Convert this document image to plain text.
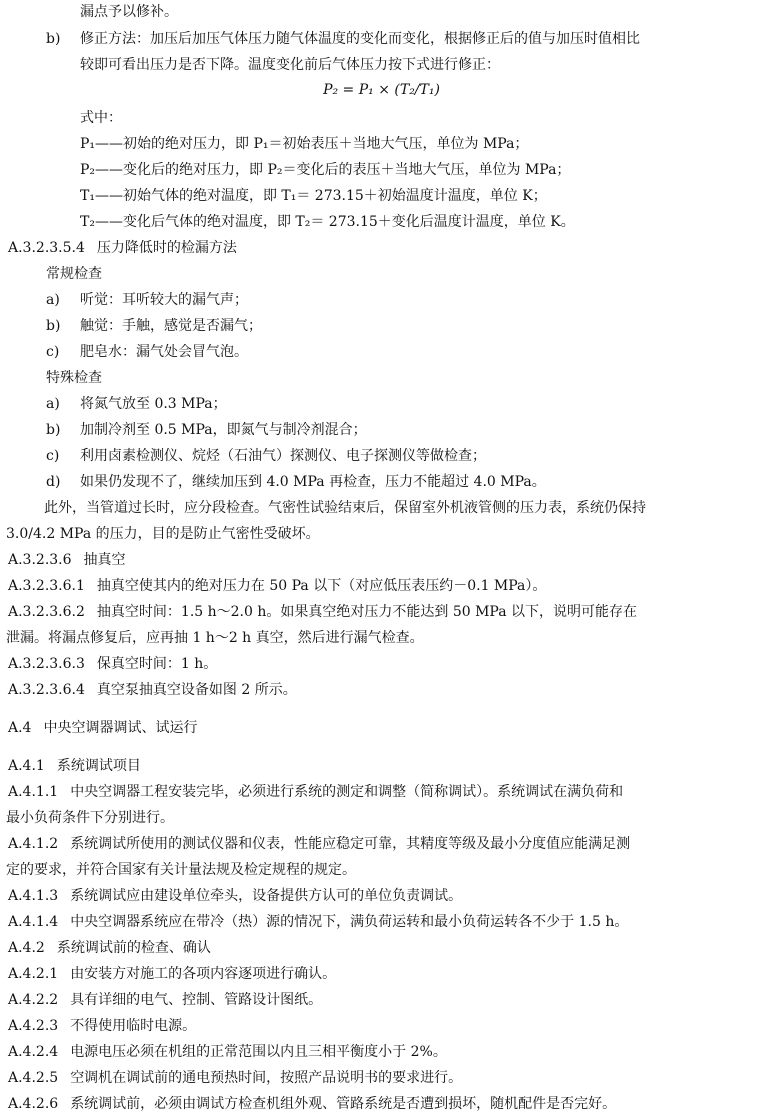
P₂ = P₁ × (T₂/T₁)
漏点予以修补。
b) 修正方法：加压后加压气体压力随气体温度的变化而变化，根据修正后的值与加压时值相比
较即可看出压力是否下降。温度变化前后气体压力按下式进行修正：
式中：
P₁——初始的绝对压力，即 P₁＝初始表压＋当地大气压，单位为 MPa；
P₂——变化后的绝对压力，即 P₂＝变化后的表压＋当地大气压，单位为 MPa；
T₁——初始气体的绝对温度，即 T₁＝ 273.15＋初始温度计温度，单位 K；
T₂——变化后气体的绝对温度，即 T₂＝ 273.15＋变化后温度计温度，单位 K。
A.3.2.3.5.4 压力降低时的检漏方法
常规检查
a) 听觉：耳听较大的漏气声；
b) 触觉：手触，感觉是否漏气；
c) 肥皂水：漏气处会冒气泡。
特殊检查
a) 将氮气放至 0.3 MPa；
b) 加制冷剂至 0.5 MPa，即氮气与制冷剂混合；
c) 利用卤素检测仪、烷烃（石油气）探测仪、电子探测仪等做检查；
d) 如果仍发现不了，继续加压到 4.0 MPa 再检查，压力不能超过 4.0 MPa。
此外，当管道过长时，应分段检查。气密性试验结束后，保留室外机液管侧的压力表，系统仍保持
3.0/4.2 MPa 的压力，目的是防止气密性受破坏。
A.3.2.3.6 抽真空
A.3.2.3.6.1 抽真空使其内的绝对压力在 50 Pa 以下（对应低压表压约－0.1 MPa）。
A.3.2.3.6.2 抽真空时间：1.5 h～2.0 h。如果真空绝对压力不能达到 50 MPa 以下，说明可能存在
泄漏。将漏点修复后，应再抽 1 h～2 h 真空，然后进行漏气检查。
A.3.2.3.6.3 保真空时间：1 h。
A.3.2.3.6.4 真空泵抽真空设备如图 2 所示。
A.4 中央空调器调试、试运行
A.4.1 系统调试项目
A.4.1.1 中央空调器工程安装完毕，必须进行系统的测定和调整（简称调试）。系统调试在满负荷和
最小负荷条件下分别进行。
A.4.1.2 系统调试所使用的测试仪器和仪表，性能应稳定可靠，其精度等级及最小分度值应能满足测
定的要求，并符合国家有关计量法规及检定规程的规定。
A.4.1.3 系统调试应由建设单位牵头，设备提供方认可的单位负责调试。
A.4.1.4 中央空调器系统应在带冷（热）源的情况下，满负荷运转和最小负荷运转各不少于 1.5 h。
A.4.2 系统调试前的检查、确认
A.4.2.1 由安装方对施工的各项内容逐项进行确认。
A.4.2.2 具有详细的电气、控制、管路设计图纸。
A.4.2.3 不得使用临时电源。
A.4.2.4 电源电压必须在机组的正常范围以内且三相平衡度小于 2%。
A.4.2.5 空调机在调试前的通电预热时间，按照产品说明书的要求进行。
A.4.2.6 系统调试前，必须由调试方检查机组外观、管路系统是否遭到损坏，随机配件是否完好。
